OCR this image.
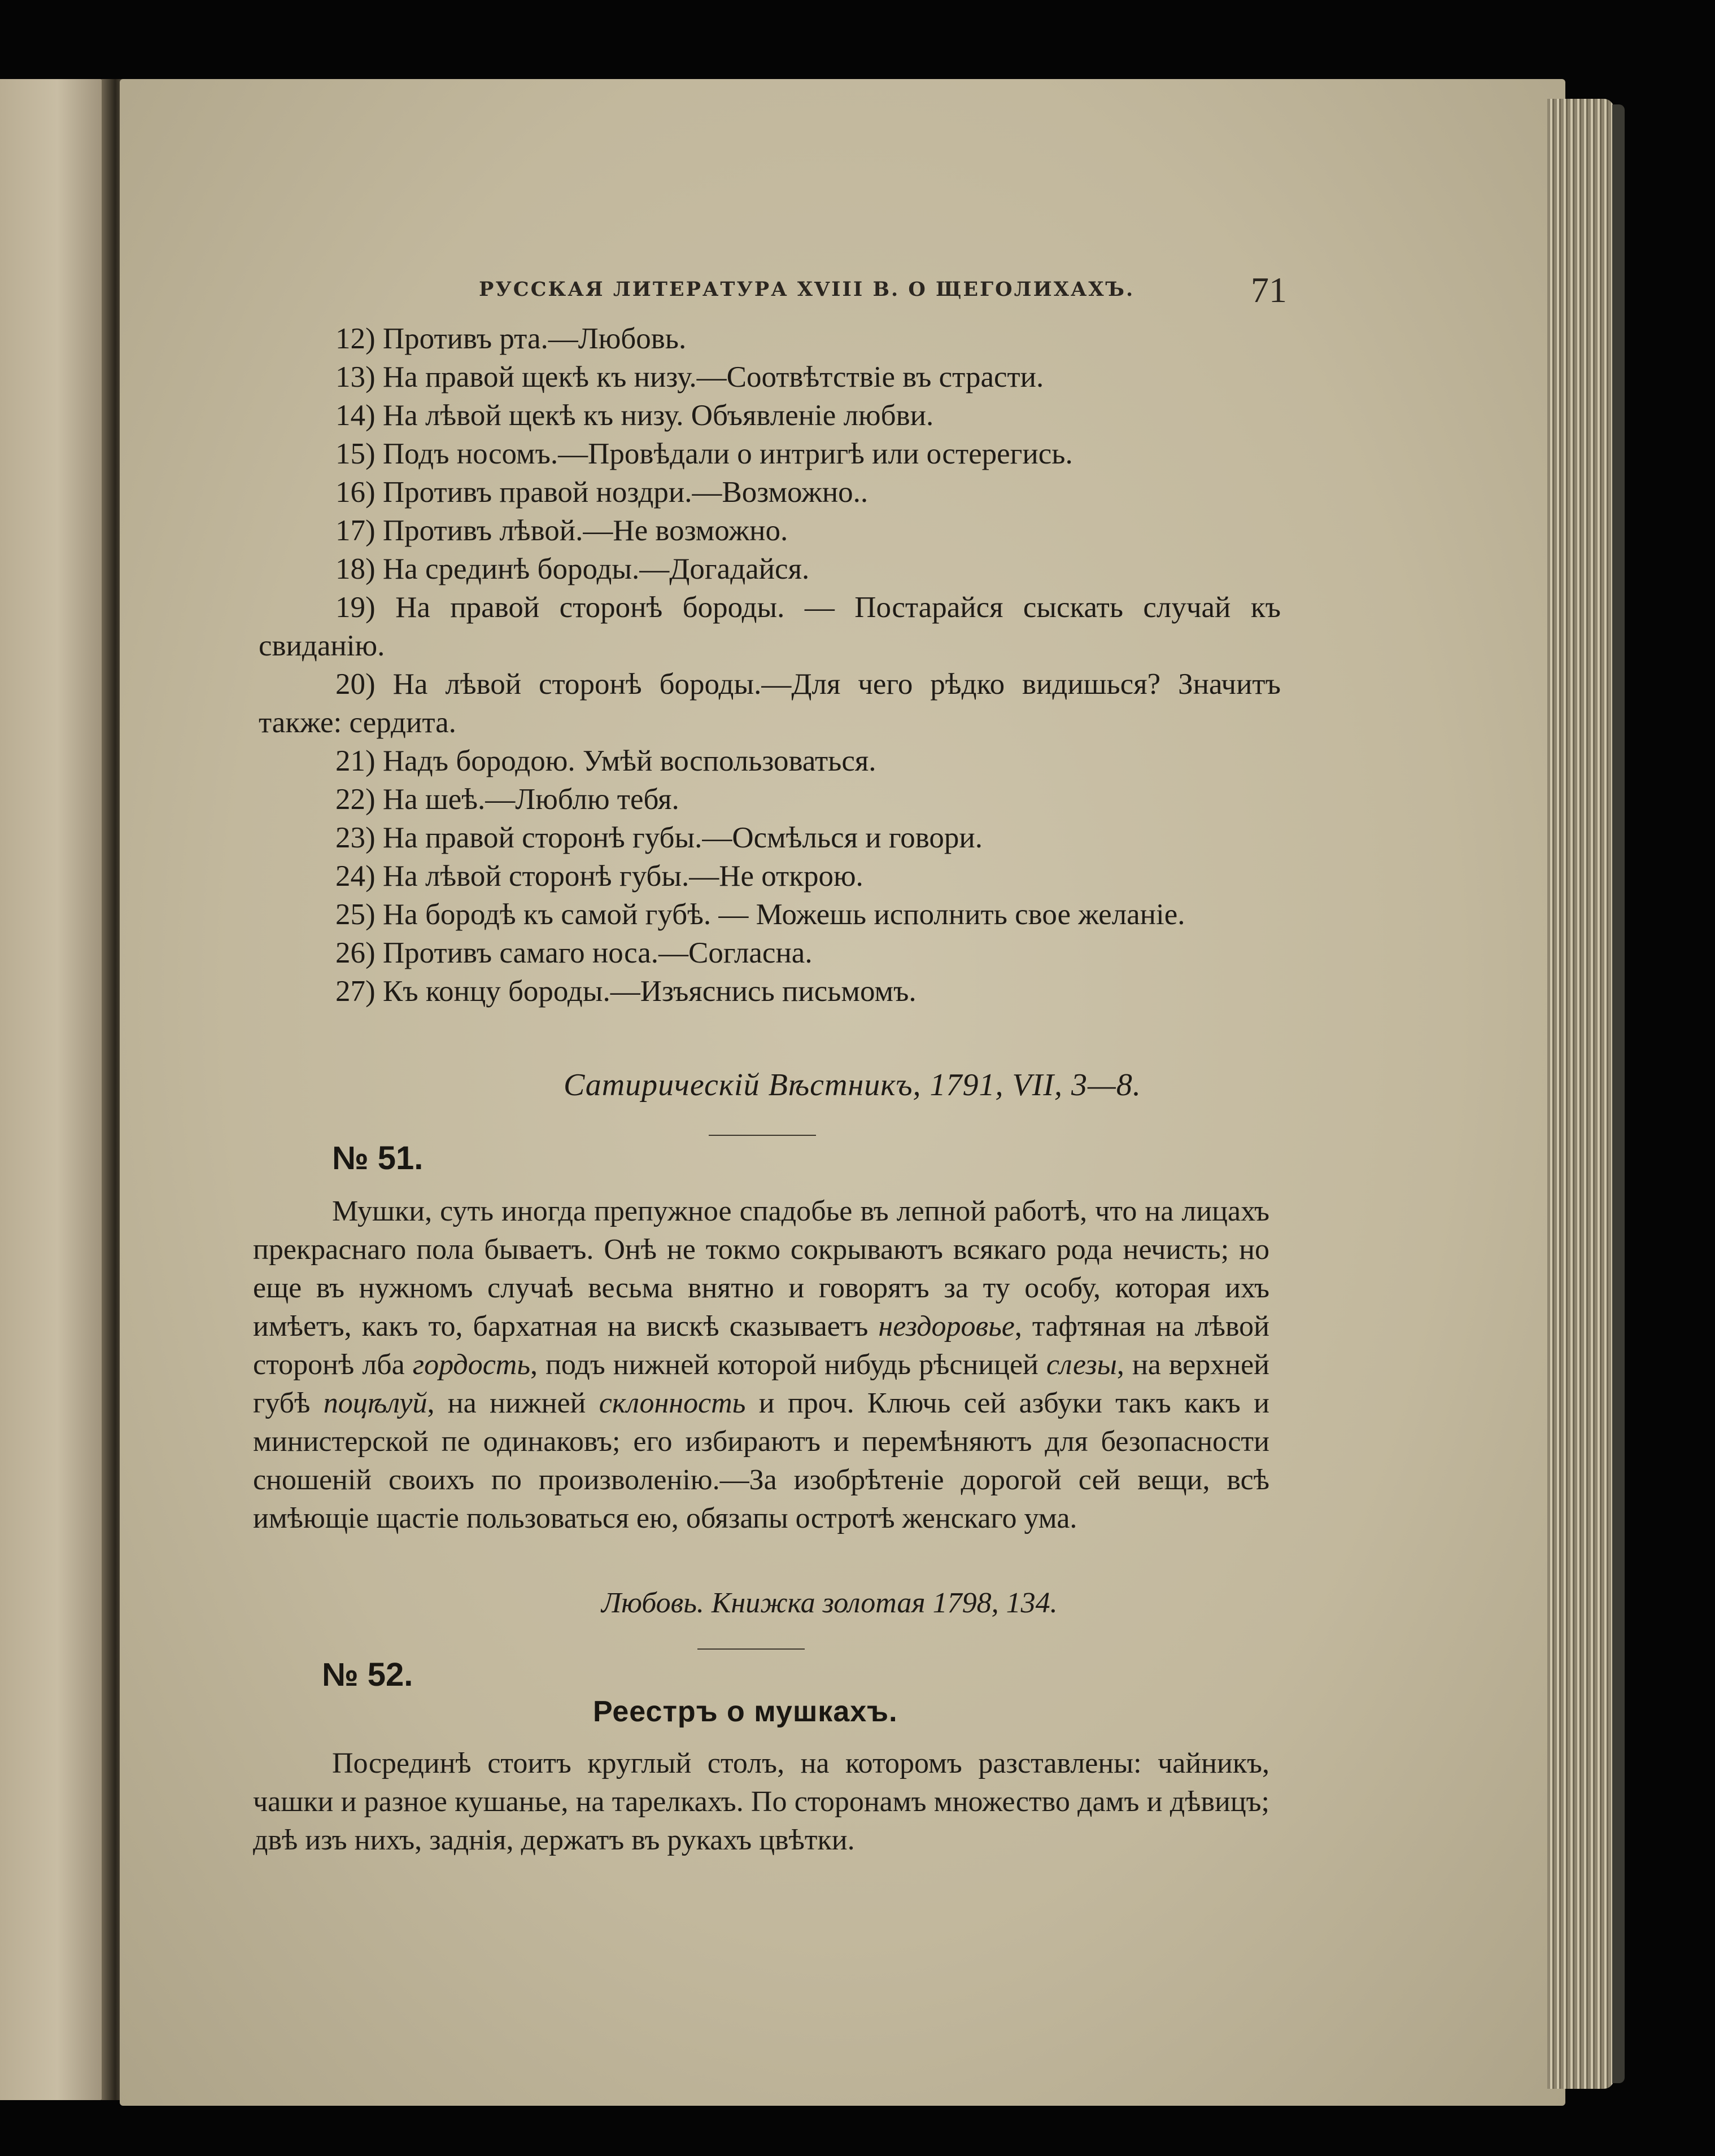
РУССКАЯ ЛИТЕРАТУРА XVIII В. О ЩЕГОЛИХАХЪ.	71
12) Противъ рта.—Любовь.
13) На правой щекѣ къ низу.—Соотвѣтствіе въ страсти.
14) На лѣвой щекѣ къ низу. Объявленіе любви.
15) Подъ носомъ.—Провѣдали о интригѣ или остерегись.
16) Противъ правой ноздри.—Возможно..
17) Противъ лѣвой.—Не возможно.
18) На срединѣ бороды.—Догадайся.
19) На правой сторонѣ бороды. — Постарайся сыскать случай къ свиданію.
20) На лѣвой сторонѣ бороды.—Для чего рѣдко видишься? Значитъ также: сердита.
21) Надъ бородою. Умѣй воспользоваться.
22) На шеѣ.—Люблю тебя.
23) На правой сторонѣ губы.—Осмѣлься и говори.
24) На лѣвой сторонѣ губы.—Не открою.
25) На бородѣ къ самой губѣ. — Можешь исполнить свое желаніе.
26) Противъ самаго носа.—Согласна.
27) Къ концу бороды.—Изъяснись письмомъ.
Сатирическій Вѣстникъ, 1791, VII, 3—8.
№ 51.
Мушки, суть иногда препужное спадобье въ лепной работѣ, что на лицахъ прекраснаго пола бываетъ. Онѣ не токмо сокрываютъ всякаго рода нечисть; но еще въ нужномъ случаѣ весьма внятно и говорятъ за ту особу, которая ихъ имѣетъ, какъ то, бархатная на вискѣ сказываетъ нездоровье, тафтяная на лѣвой сторонѣ лба гордость, подъ нижней которой нибудь рѣсницей слезы, на верхней губѣ поцѣлуй, на нижней склонность и проч. Ключь сей азбуки такъ какъ и министерской пе одинаковъ; его избираютъ и перемѣняютъ для безопасности сношеній своихъ по произволенію.—За изобрѣтеніе дорогой сей вещи, всѣ имѣющіе щастіе пользоваться ею, обязапы остротѣ женскаго ума.
Любовь. Книжка золотая 1798, 134.
№ 52.
Реестръ о мушкахъ.
Посрединѣ стоитъ круглый столъ, на которомъ разставлены: чайникъ, чашки и разное кушанье, на тарелкахъ. По сторонамъ множество дамъ и дѣвицъ; двѣ изъ нихъ, заднія, держатъ въ рукахъ цвѣтки.
